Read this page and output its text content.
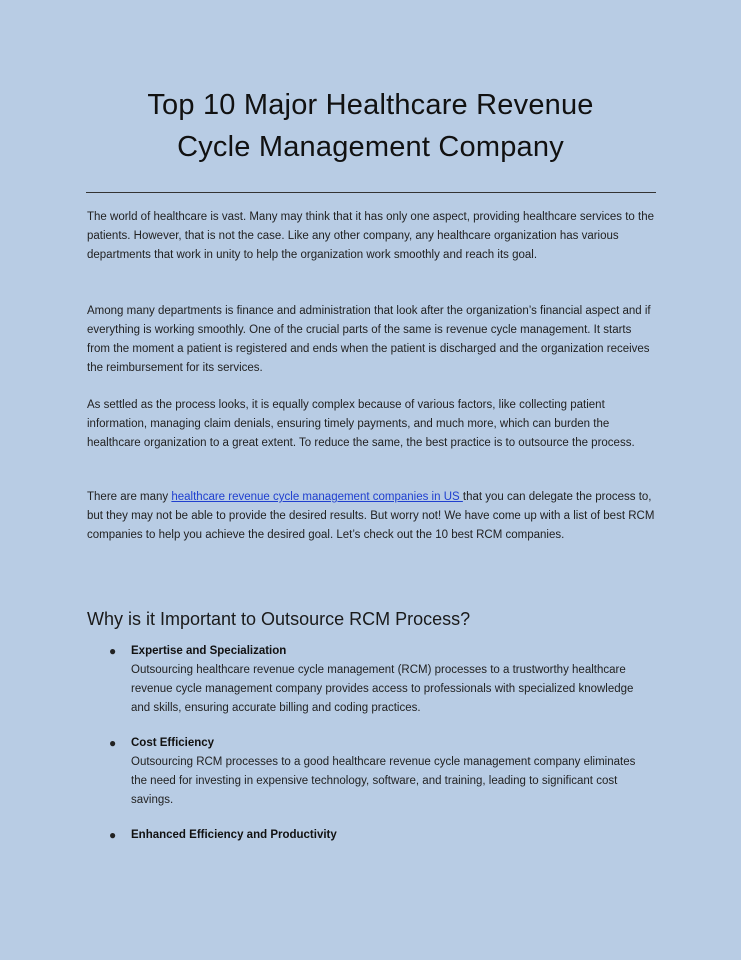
Top 10 Major Healthcare Revenue
Cycle Management Company
The world of healthcare is vast. Many may think that it has only one aspect, providing healthcare services to the patients. However, that is not the case. Like any other company, any healthcare organization has various departments that work in unity to help the organization work smoothly and reach its goal.
Among many departments is finance and administration that look after the organization’s financial aspect and if everything is working smoothly. One of the crucial parts of the same is revenue cycle management. It starts from the moment a patient is registered and ends when the patient is discharged and the organization receives the reimbursement for its services.
As settled as the process looks, it is equally complex because of various factors, like collecting patient information, managing claim denials, ensuring timely payments, and much more, which can burden the healthcare organization to a great extent. To reduce the same, the best practice is to outsource the process.
There are many healthcare revenue cycle management companies in US that you can delegate the process to, but they may not be able to provide the desired results. But worry not! We have come up with a list of best RCM companies to help you achieve the desired goal. Let’s check out the 10 best RCM companies.
Why is it Important to Outsource RCM Process?
● Expertise and Specialization
Outsourcing healthcare revenue cycle management (RCM) processes to a trustworthy healthcare revenue cycle management company provides access to professionals with specialized knowledge and skills, ensuring accurate billing and coding practices.
● Cost Efficiency
Outsourcing RCM processes to a good healthcare revenue cycle management company eliminates the need for investing in expensive technology, software, and training, leading to significant cost savings.
● Enhanced Efficiency and Productivity
